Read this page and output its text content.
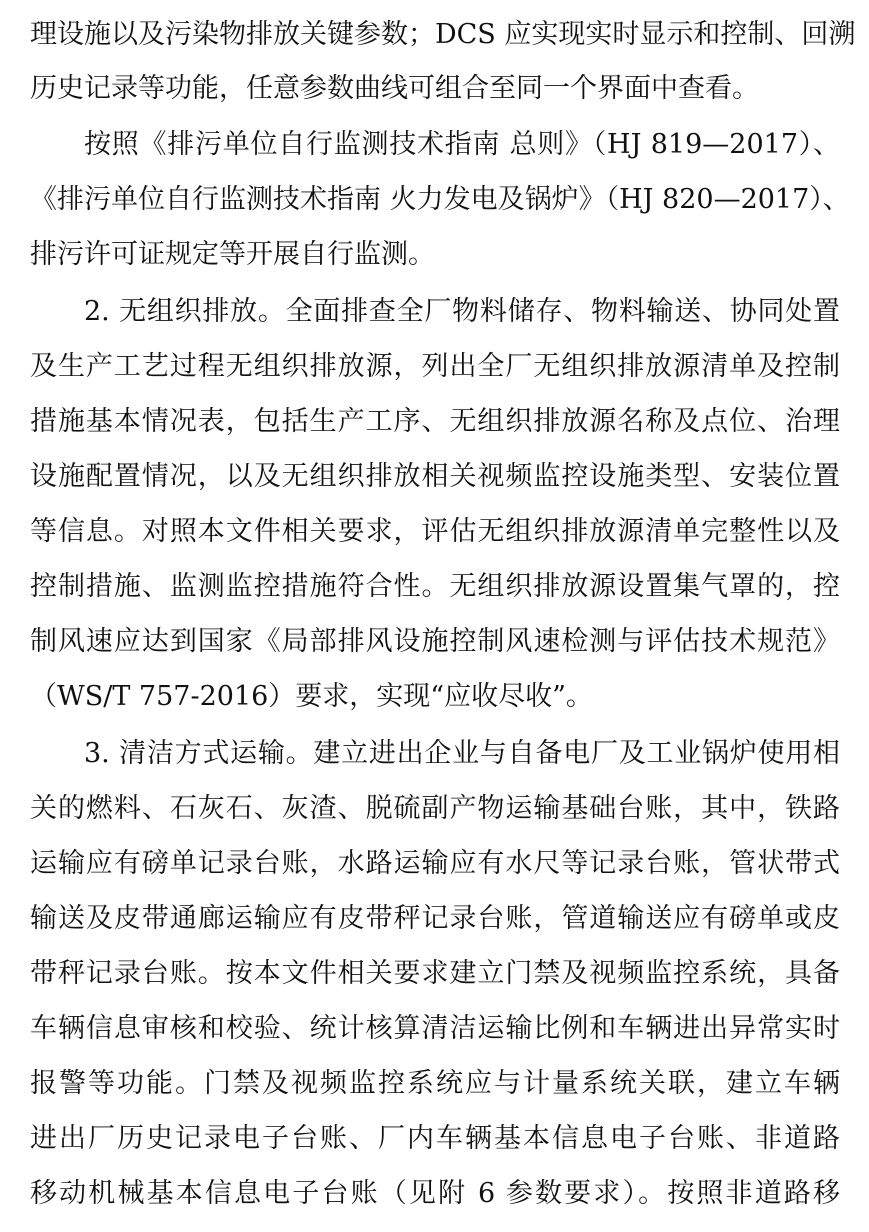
理设施以及污染物排放关键参数；DCS 应实现实时显示和控制、回溯
历史记录等功能，任意参数曲线可组合至同一个界面中查看。
按照《排污单位自行监测技术指南 总则》（HJ 819—2017）、
《排污单位自行监测技术指南 火力发电及锅炉》（HJ 820—2017）、
排污许可证规定等开展自行监测。
2. 无组织排放。全面排查全厂物料储存、物料输送、协同处置
及生产工艺过程无组织排放源，列出全厂无组织排放源清单及控制
措施基本情况表，包括生产工序、无组织排放源名称及点位、治理
设施配置情况，以及无组织排放相关视频监控设施类型、安装位置
等信息。对照本文件相关要求，评估无组织排放源清单完整性以及
控制措施、监测监控措施符合性。无组织排放源设置集气罩的，控
制风速应达到国家《局部排风设施控制风速检测与评估技术规范》
（WS/T 757-2016）要求，实现“应收尽收”。
3. 清洁方式运输。建立进出企业与自备电厂及工业锅炉使用相
关的燃料、石灰石、灰渣、脱硫副产物运输基础台账，其中，铁路
运输应有磅单记录台账，水路运输应有水尺等记录台账，管状带式
输送及皮带通廊运输应有皮带秤记录台账，管道输送应有磅单或皮
带秤记录台账。按本文件相关要求建立门禁及视频监控系统，具备
车辆信息审核和校验、统计核算清洁运输比例和车辆进出异常实时
报警等功能。门禁及视频监控系统应与计量系统关联，建立车辆
进出厂历史记录电子台账、厂内车辆基本信息电子台账、非道路
移动机械基本信息电子台账（见附 6 参数要求）。按照非道路移
